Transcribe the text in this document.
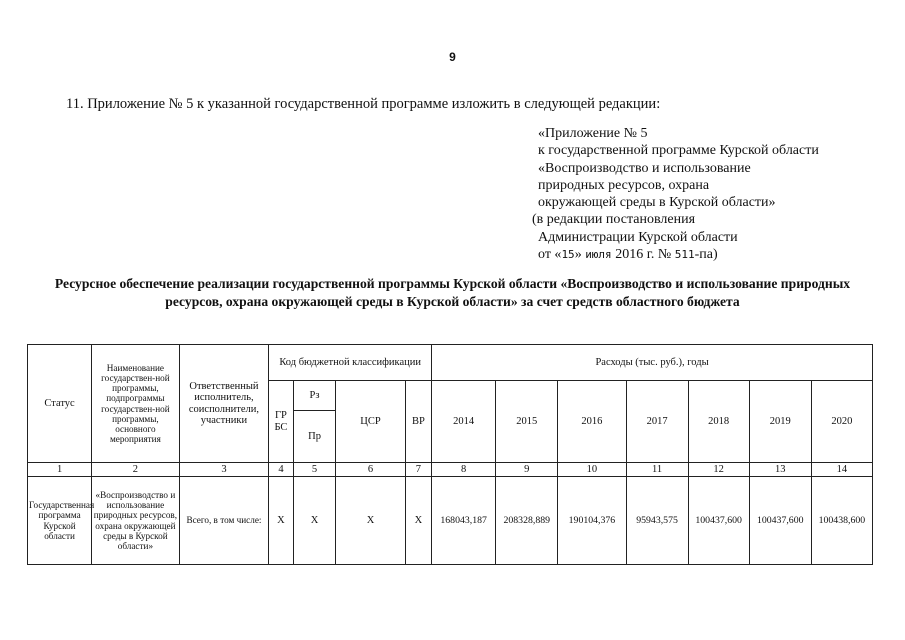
9
11. Приложение № 5 к указанной государственной программе изложить в следующей редакции:
«Приложение № 5
к государственной программе Курской области
«Воспроизводство и использование
природных ресурсов, охрана
окружающей среды в Курской области»
(в редакции постановления
Администрации Курской области
от «15» июля 2016 г. № 511-па)
Ресурсное обеспечение реализации государственной программы Курской области «Воспроизводство и использование природных ресурсов, охрана окружающей среды в Курской области» за счет средств областного бюджета
Статус	Наименование государствен-ной программы, подпрограммы государствен-ной программы, основного мероприятия	Ответственный исполнитель, соисполнители, участники	Код бюджетной классификации				Расходы (тыс. руб.), годы						
			ГР БС	Рз	ЦСР	ВР	2014	2015	2016	2017	2018	2019	2020
				Пр									
1	2	3	4	5	6	7	8	9	10	11	12	13	14
Государственная программа Курской области	«Воспроизводство и использование природных ресурсов, охрана окружающей среды в Курской области»	Всего, в том числе:	Х	Х	Х	Х	168043,187	208328,889	190104,376	95943,575	100437,600	100437,600	100438,600
